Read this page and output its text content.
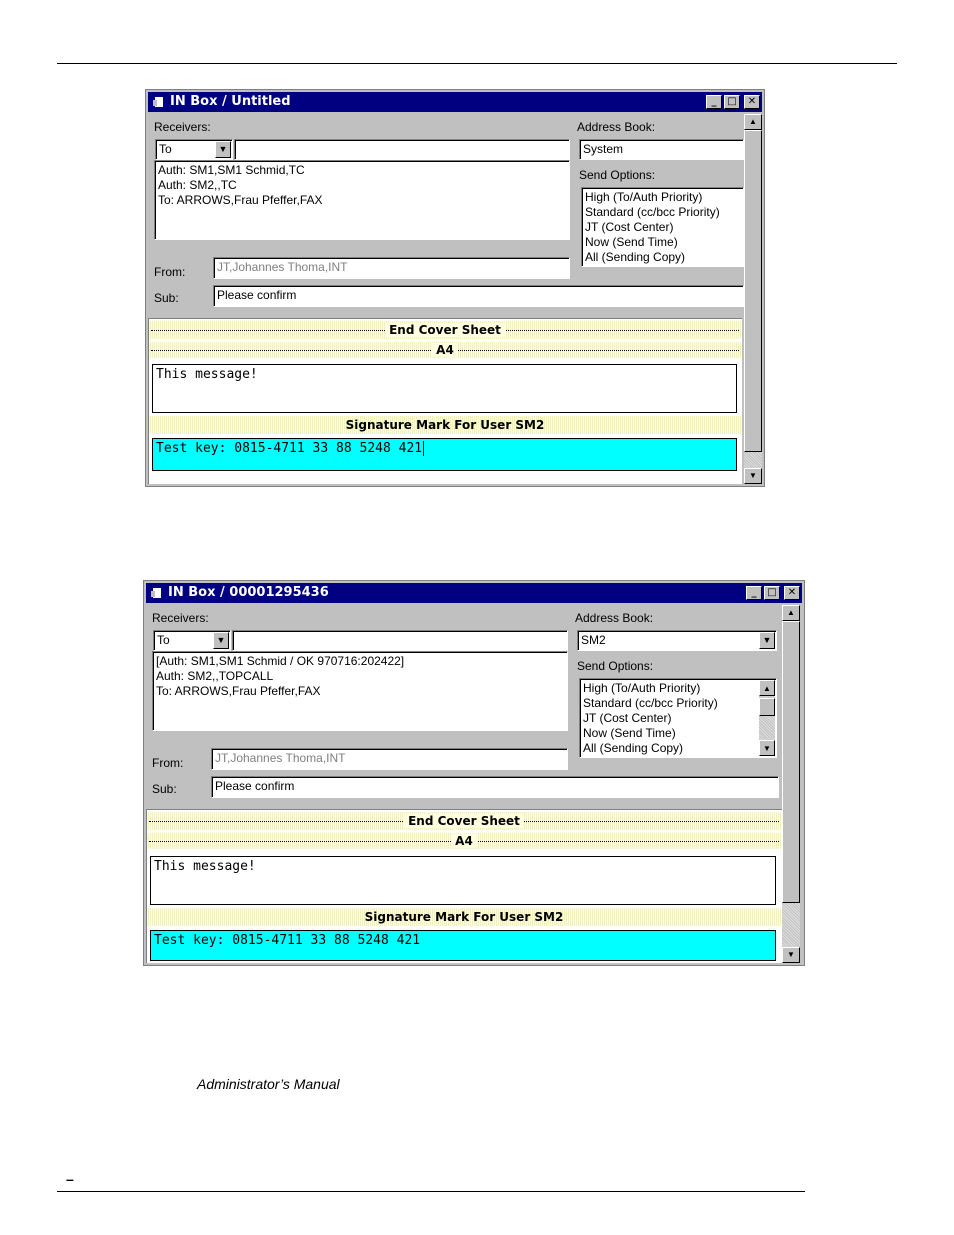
IN Box / Untitled	_	□	✕
Receivers:
To	▼
Auth: SM1,SM1 Schmid,TC
Auth: SM2,,TC
To: ARROWS,Frau Pfeffer,FAX
Address Book:
System
Send Options:
High (To/Auth Priority)
Standard (cc/bcc Priority)
JT (Cost Center)
Now (Send Time)
All (Sending Copy)
From:	JT,Johannes Thoma,INT
Sub:	Please confirm
End Cover Sheet
A4
This message!
Signature Mark For User SM2
Test key: 0815-4711 33 88 5248 421
▲
▼
IN Box / 00001295436	_	□	✕
Receivers:
To	▼
[Auth: SM1,SM1 Schmid / OK 970716:202422]
Auth: SM2,,TOPCALL
To: ARROWS,Frau Pfeffer,FAX
Address Book:
SM2	▼
Send Options:
High (To/Auth Priority)
Standard (cc/bcc Priority)
JT (Cost Center)
Now (Send Time)
All (Sending Copy)
▲
▼
From:	JT,Johannes Thoma,INT
Sub:	Please confirm
End Cover Sheet
A4
This message!
Signature Mark For User SM2
Test key: 0815-4711 33 88 5248 421
▲
▼
Administrator’s Manual
–
